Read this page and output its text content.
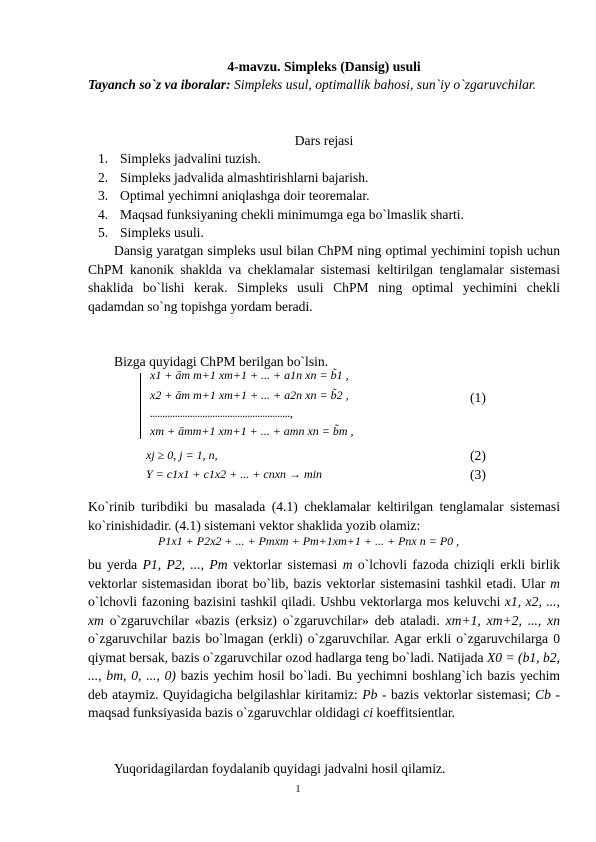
4-mavzu. Simpleks (Dansig) usuli
Tayanch so`z va iboralar: Simpleks usul, optimallik bahosi, sun`iy o`zgaruvchilar.
Dars rejasi
1. Simpleks jadvalini tuzish.
2. Simpleks jadvalida almashtirishlarni bajarish.
3. Optimal yechimni aniqlashga doir teoremalar.
4. Maqsad funksiyaning chekli minimumga ega bo`lmaslik sharti.
5. Simpleks usuli.
Dansig yaratgan simpleks usul bilan ChPM ning optimal yechimini topish uchun ChPM kanonik shaklda va cheklamalar sistemasi keltirilgan tenglamalar sistemasi shaklida bo`lishi kerak. Simpleks usuli ChPM ning optimal yechimini chekli qadamdan so`ng topishga yordam beradi.
Bizga quyidagi ChPM berilgan bo`lsin.
x1 + ām m+1 xm+1 + ... + a1n xn = b̃1 ,
x2 + ām m+1 xm+1 + ... + a2n xn = b̃2 ,
........................................................,
xm + āmm+1 xm+1 + ... + amn xn = b̃m ,
(1)
xj ≥ 0, j = 1, n,	(2)
Y = c1x1 + c1x2 + ... + cnxn → min	(3)
Ko`rinib turibdiki bu masalada (4.1) cheklamalar keltirilgan tenglamalar sistemasi ko`rinishidadir. (4.1) sistemani vektor shaklida yozib olamiz:
P1x1 + P2x2 + ... + Pmxm + Pm+1xm+1 + ... + Pnx n = P0 ,
bu yerda P1, P2, ..., Pm vektorlar sistemasi m o`lchovli fazoda chiziqli erkli birlik vektorlar sistemasidan iborat bo`lib, bazis vektorlar sistemasini tashkil etadi. Ular m o`lchovli fazoning bazisini tashkil qiladi. Ushbu vektorlarga mos keluvchi x1, x2, ..., xm o`zgaruvchilar «bazis (erksiz) o`zgaruvchilar» deb ataladi. xm+1, xm+2, ..., xn o`zgaruvchilar bazis bo`lmagan (erkli) o`zgaruvchilar. Agar erkli o`zgaruvchilarga 0 qiymat bersak, bazis o`zgaruvchilar ozod hadlarga teng bo`ladi. Natijada X0 = (b1, b2, ..., bm, 0, ..., 0) bazis yechim hosil bo`ladi. Bu yechimni boshlang`ich bazis yechim deb ataymiz. Quyidagicha belgilashlar kiritamiz: Pb - bazis vektorlar sistemasi; Cb - maqsad funksiyasida bazis o`zgaruvchlar oldidagi ci koeffitsientlar.
Yuqoridagilardan foydalanib quyidagi jadvalni hosil qilamiz.
1
